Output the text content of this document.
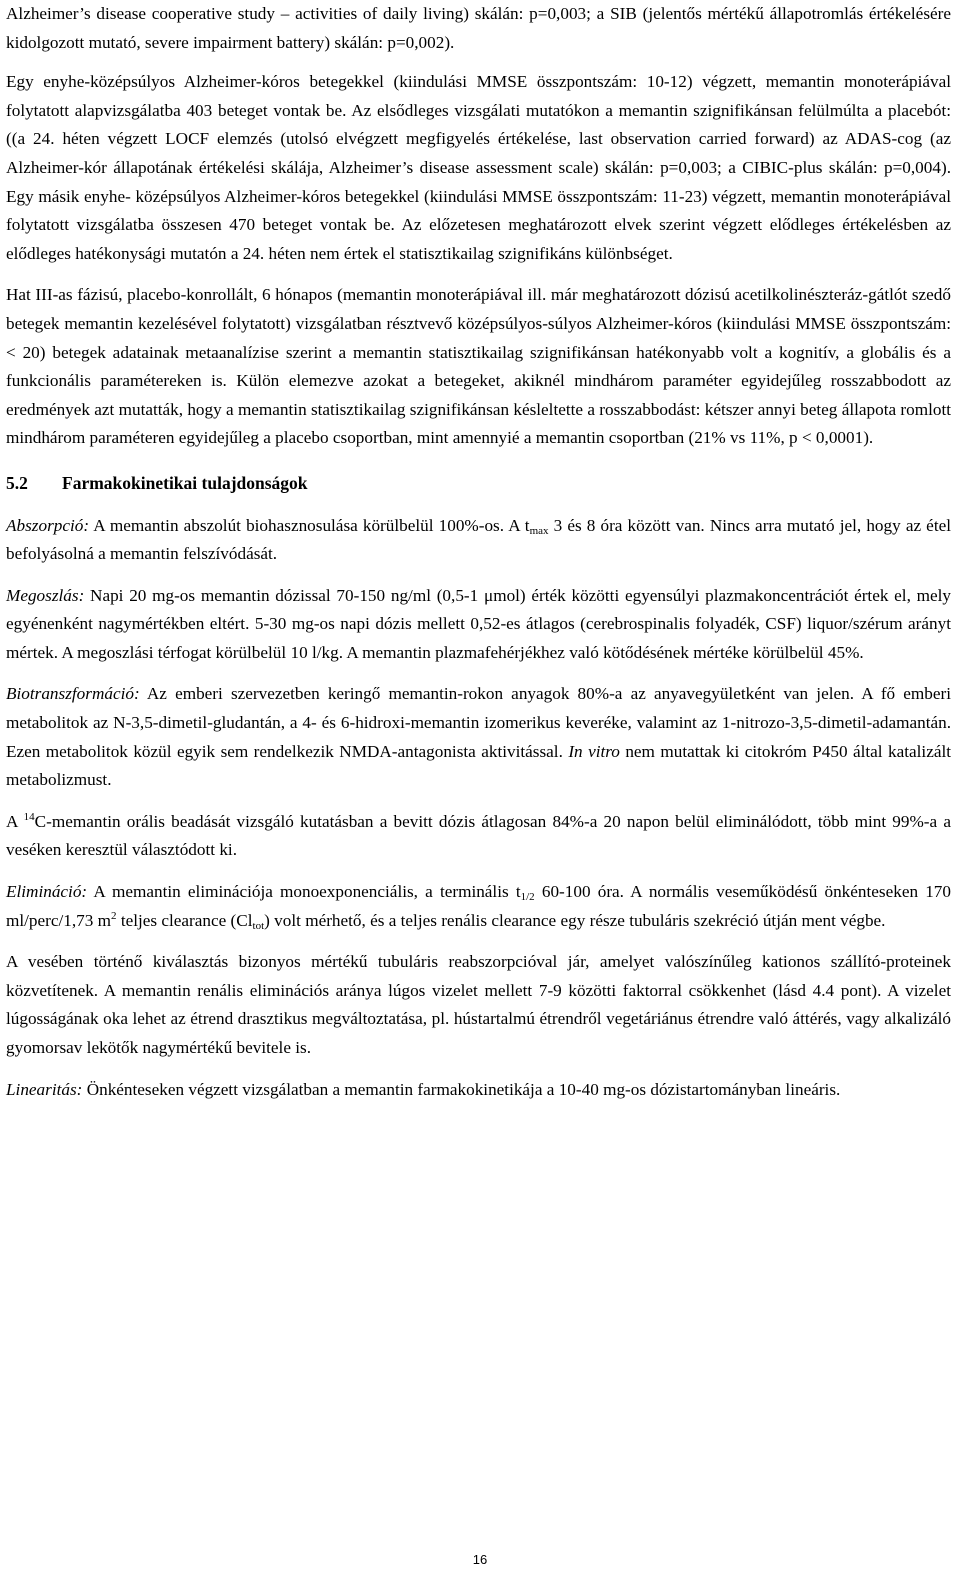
Alzheimer’s disease cooperative study – activities of daily living) skálán: p=0,003; a SIB (jelentős mértékű állapotromlás értékelésére kidolgozott mutató, severe impairment battery) skálán: p=0,002).

Egy enyhe-középsúlyos Alzheimer-kóros betegekkel (kiindulási MMSE összpontszám: 10-12) végzett, memantin monoterápiával folytatott alapvizsgálatba 403 beteget vontak be. Az elsődleges vizsgálati mutatókon a memantin szignifikánsan felülmúlta a placebót: ((a 24. héten végzett LOCF elemzés (utolsó elvégzett megfigyelés értékelése, last observation carried forward) az ADAS-cog (az Alzheimer-kór állapotának értékelési skálája, Alzheimer’s disease assessment scale) skálán: p=0,003; a CIBIC-plus skálán: p=0,004). Egy másik enyhe- középsúlyos Alzheimer-kóros betegekkel (kiindulási MMSE összpontszám: 11-23) végzett, memantin monoterápiával folytatott vizsgálatba összesen 470 beteget vontak be. Az előzetesen meghatározott elvek szerint végzett elődleges értékelésben az elődleges hatékonysági mutatón a 24. héten nem értek el statisztikailag szignifikáns különbséget.

Hat III-as fázisú, placebo-konrollált, 6 hónapos (memantin monoterápiával ill. már meghatározott dózisú acetilkolinészteráz-gátlót szedő betegek memantin kezelésével folytatott) vizsgálatban résztvevő középsúlyos-súlyos Alzheimer-kóros (kiindulási MMSE összpontszám: < 20) betegek adatainak metaanalízise szerint a memantin statisztikailag szignifikánsan hatékonyabb volt a kognitív, a globális és a funkcionális paramétereken is. Külön elemezve azokat a betegeket, akiknél mindhárom paraméter egyidejűleg rosszabbodott az eredmények azt mutatták, hogy a memantin statisztikailag szignifikánsan késleltette a rosszabbodást: kétszer annyi beteg állapota romlott mindhárom paraméteren egyidejűleg a placebo csoportban, mint amennyié a memantin csoportban (21% vs 11%, p < 0,0001).

5.2 Farmakokinetikai tulajdonságok

Abszorpció: A memantin abszolút biohasznosulása körülbelül 100%-os. A $t_{max}$ 3 és 8 óra között van. Nincs arra mutató jel, hogy az étel befolyásolná a memantin felszívódását.

Megoszlás: Napi 20 mg-os memantin dózissal 70-150 ng/ml (0,5-1 μmol) érték közötti egyensúlyi plazmakoncentrációt értek el, mely egyénenként nagymértékben eltért. 5-30 mg-os napi dózis mellett 0,52-es átlagos (cerebrospinalis folyadék, CSF) liquor/szérum arányt mértek. A megoszlási térfogat körülbelül 10 l/kg. A memantin plazmafehérjékhez való kötődésének mértéke körülbelül 45%.

Biotranszformáció: Az emberi szervezetben keringő memantin-rokon anyagok 80%-a az anyavegyületként van jelen. A fő emberi metabolitok az N-3,5-dimetil-gludantán, a 4- és 6-hidroxi-memantin izomerikus keveréke, valamint az 1-nitrozo-3,5-dimetil-adamantán. Ezen metabolitok közül egyik sem rendelkezik NMDA-antagonista aktivitással. In vitro nem mutattak ki citokróm P450 által katalizált metabolizmust.

A $^{14}$C-memantin orális beadását vizsgáló kutatásban a bevitt dózis átlagosan 84%-a 20 napon belül eliminálódott, több mint 99%-a a veséken keresztül választódott ki.

Elimináció: A memantin eliminációja monoexponenciális, a terminális $t_{1/2}$ 60-100 óra. A normális veseműködésű önkénteseken 170 ml/perc/1,73 $m^2$ teljes clearance $(Cl_{tot})$ volt mérhető, és a teljes renális clearance egy része tubuláris szekréció útján ment végbe.

A vesében történő kiválasztás bizonyos mértékű tubuláris reabszorpcióval jár, amelyet valószínűleg kationos szállító-proteinek közvetítenek. A memantin renális eliminációs aránya lúgos vizelet mellett 7-9 közötti faktorral csökkenhet (lásd 4.4 pont). A vizelet lúgosságának oka lehet az étrend drasztikus megváltoztatása, pl. hústartalmú étrendről vegetáriánus étrendre való áttérés, vagy alkalizáló gyomorsav lekötők nagymértékű bevitele is.

Linearitás: Önkénteseken végzett vizsgálatban a memantin farmakokinetikája a 10-40 mg-os dózistartományban lineáris.

16
